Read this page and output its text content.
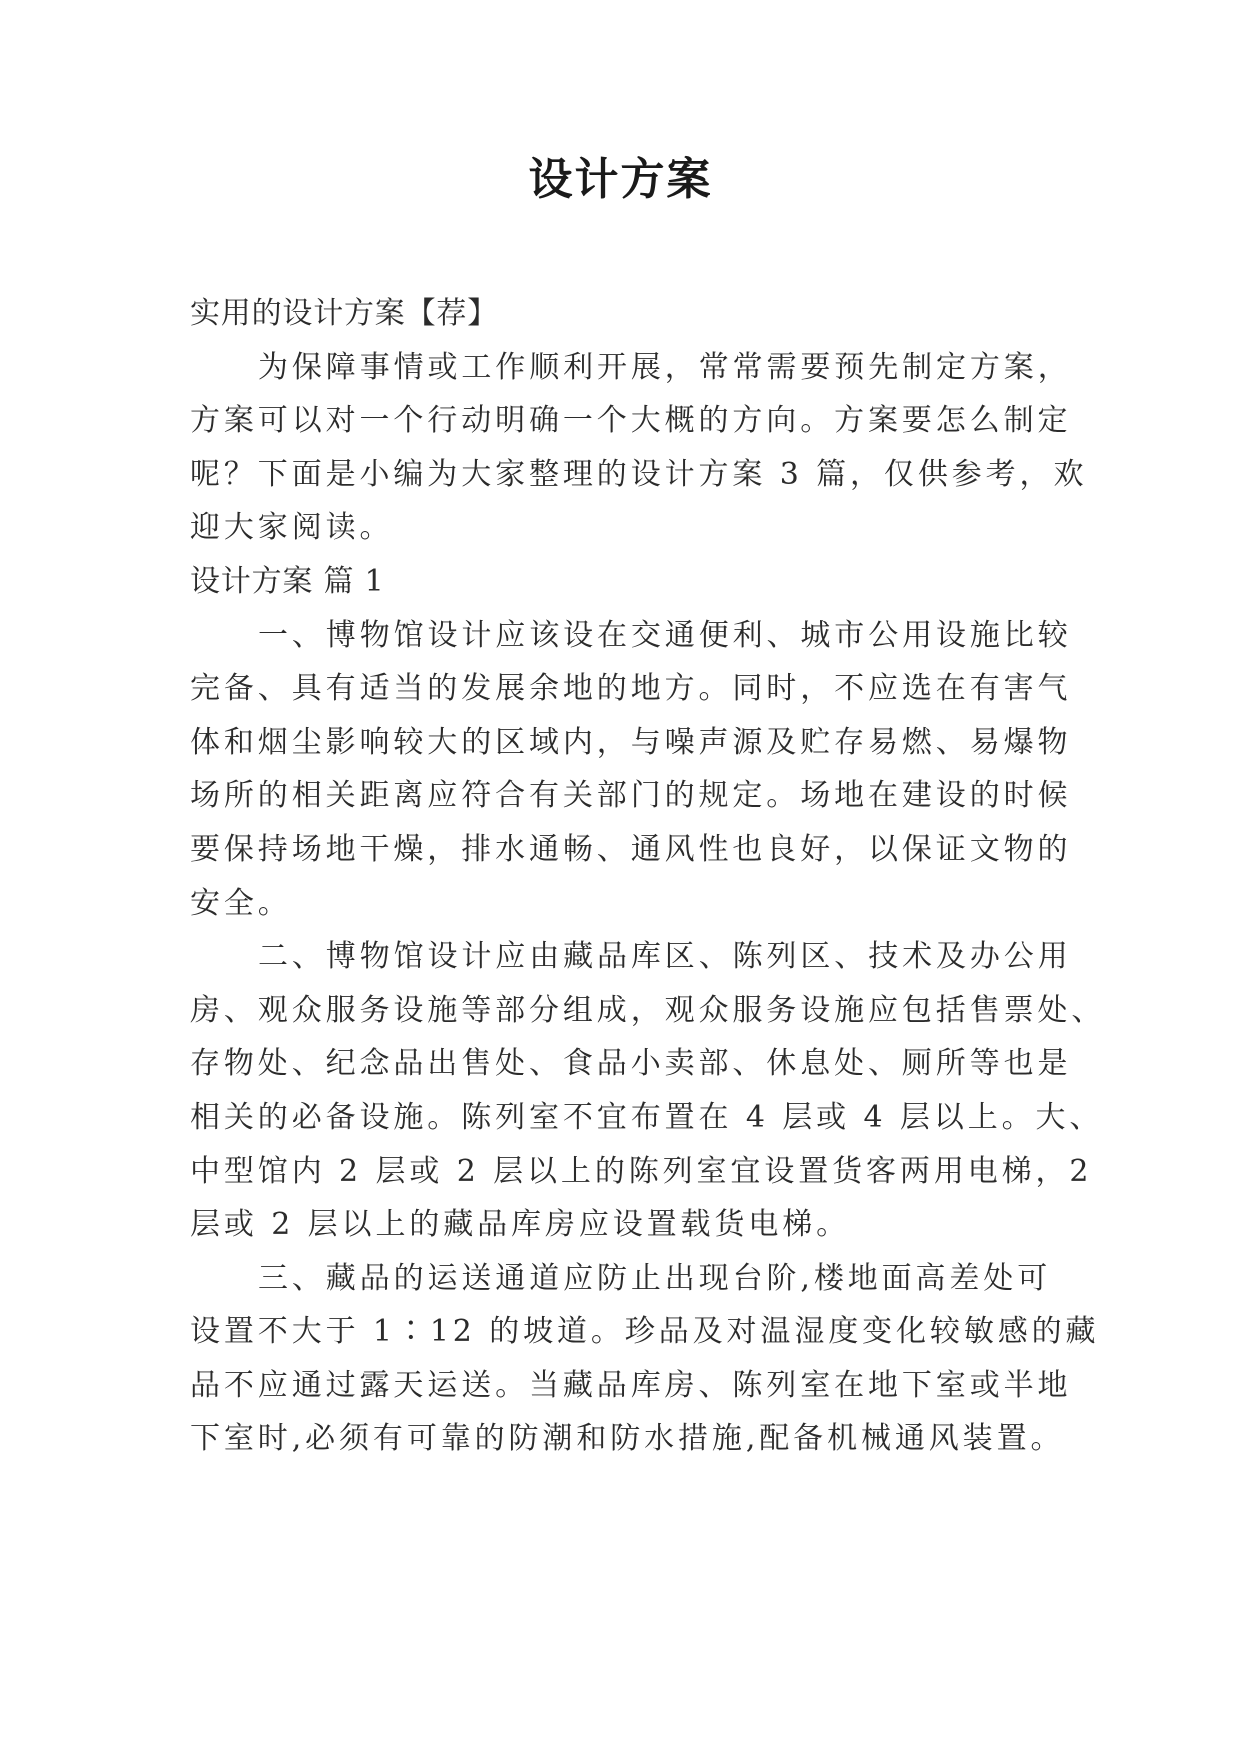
设计方案

实用的设计方案【荐】

为保障事情或工作顺利开展，常常需要预先制定方案，

方案可以对一个行动明确一个大概的方向。方案要怎么制定

呢？下面是小编为大家整理的设计方案 3 篇，仅供参考，欢

迎大家阅读。

设计方案 篇 1

一、博物馆设计应该设在交通便利、城市公用设施比较

完备、具有适当的发展余地的地方。同时，不应选在有害气

体和烟尘影响较大的区域内，与噪声源及贮存易燃、易爆物

场所的相关距离应符合有关部门的规定。场地在建设的时候

要保持场地干燥，排水通畅、通风性也良好，以保证文物的

安全。

二、博物馆设计应由藏品库区、陈列区、技术及办公用

房、观众服务设施等部分组成，观众服务设施应包括售票处、

存物处、纪念品出售处、食品小卖部、休息处、厕所等也是

相关的必备设施。陈列室不宜布置在 4 层或 4 层以上。大、

中型馆内 2 层或 2 层以上的陈列室宜设置货客两用电梯，2

层或 2 层以上的藏品库房应设置载货电梯。

三、藏品的运送通道应防止出现台阶,楼地面高差处可

设置不大于 1∶12 的坡道。珍品及对温湿度变化较敏感的藏

品不应通过露天运送。当藏品库房、陈列室在地下室或半地

下室时,必须有可靠的防潮和防水措施,配备机械通风装置。
